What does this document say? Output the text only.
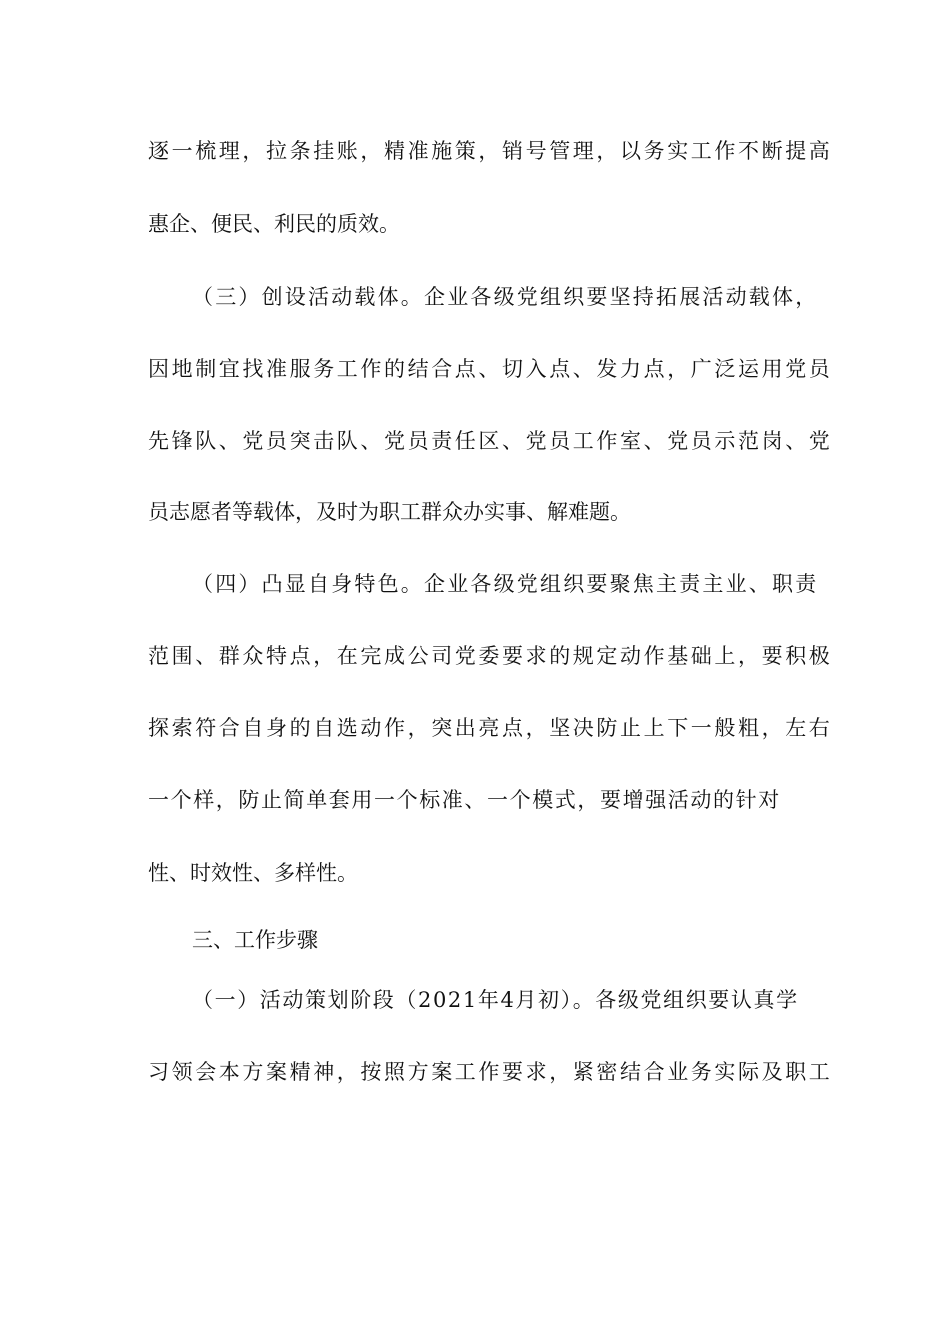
逐一梳理，拉条挂账，精准施策，销号管理，以务实工作不断提高
惠企、便民、利民的质效。
（三）创设活动载体。企业各级党组织要坚持拓展活动载体，
因地制宜找准服务工作的结合点、切入点、发力点，广泛运用党员
先锋队、党员突击队、党员责任区、党员工作室、党员示范岗、党
员志愿者等载体，及时为职工群众办实事、解难题。
（四）凸显自身特色。企业各级党组织要聚焦主责主业、职责
范围、群众特点，在完成公司党委要求的规定动作基础上，要积极
探索符合自身的自选动作，突出亮点，坚决防止上下一般粗，左右
一个样，防止简单套用一个标准、一个模式，要增强活动的针对
性、时效性、多样性。
三、工作步骤
（一）活动策划阶段（2021年4月初）。各级党组织要认真学
习领会本方案精神，按照方案工作要求，紧密结合业务实际及职工
